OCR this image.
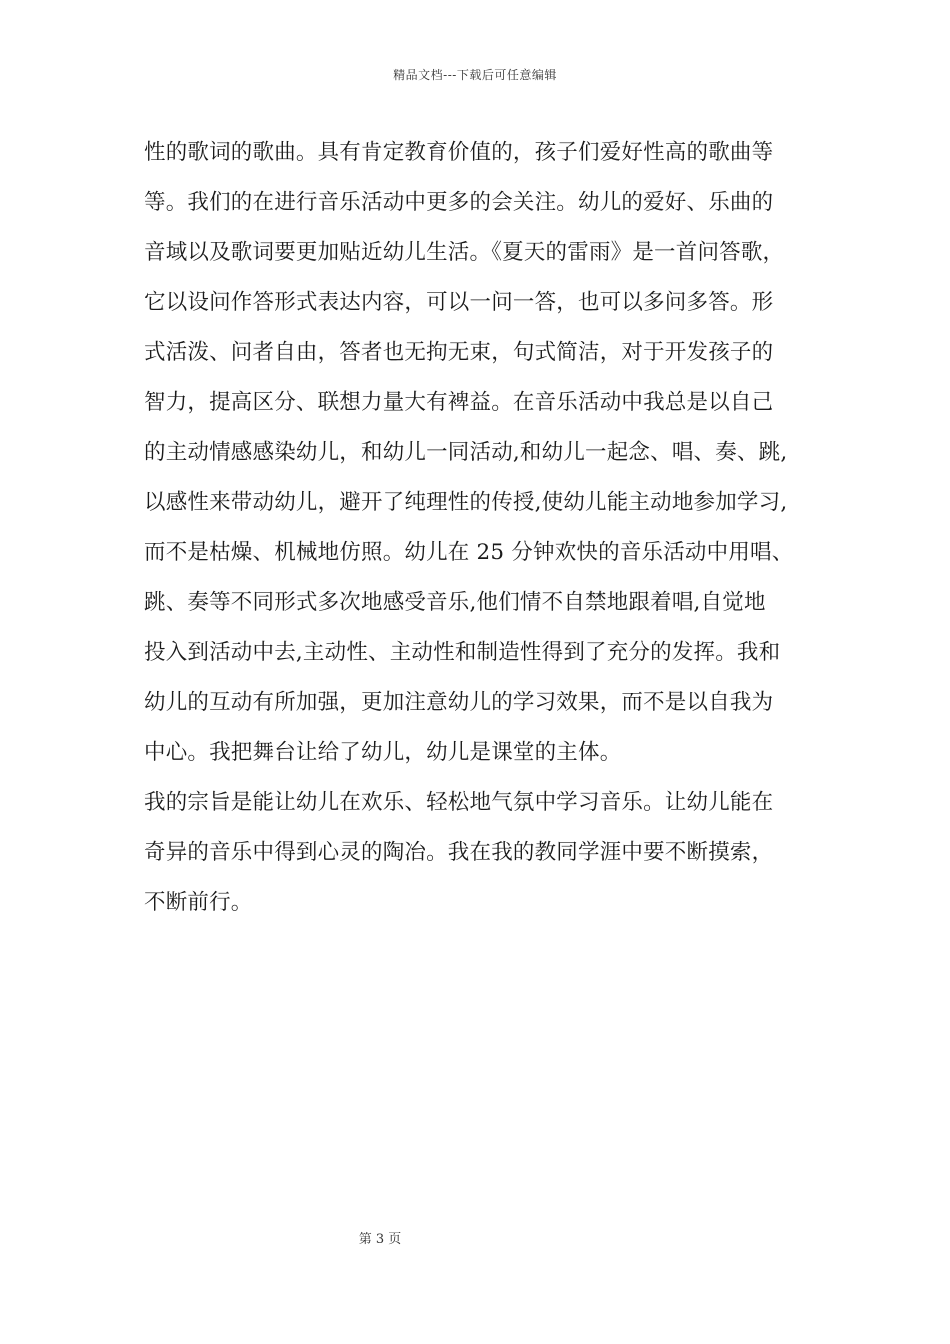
精品文档---下载后可任意编辑
性的歌词的歌曲。具有肯定教育价值的，孩子们爱好性高的歌曲等
等。我们的在进行音乐活动中更多的会关注。幼儿的爱好、乐曲的
音域以及歌词要更加贴近幼儿生活。《夏天的雷雨》是一首问答歌，
它以设问作答形式表达内容，可以一问一答，也可以多问多答。形
式活泼、问者自由，答者也无拘无束，句式简洁，对于开发孩子的
智力，提高区分、联想力量大有裨益。在音乐活动中我总是以自己
的主动情感感染幼儿，和幼儿一同活动,和幼儿一起念、唱、奏、跳,
以感性来带动幼儿，避开了纯理性的传授,使幼儿能主动地参加学习,
而不是枯燥、机械地仿照。幼儿在 25 分钟欢快的音乐活动中用唱、
跳、奏等不同形式多次地感受音乐,他们情不自禁地跟着唱,自觉地
投入到活动中去,主动性、主动性和制造性得到了充分的发挥。我和
幼儿的互动有所加强，更加注意幼儿的学习效果，而不是以自我为
中心。我把舞台让给了幼儿，幼儿是课堂的主体。
我的宗旨是能让幼儿在欢乐、轻松地气氛中学习音乐。让幼儿能在
奇异的音乐中得到心灵的陶冶。我在我的教同学涯中要不断摸索，
不断前行。
第 3 页
